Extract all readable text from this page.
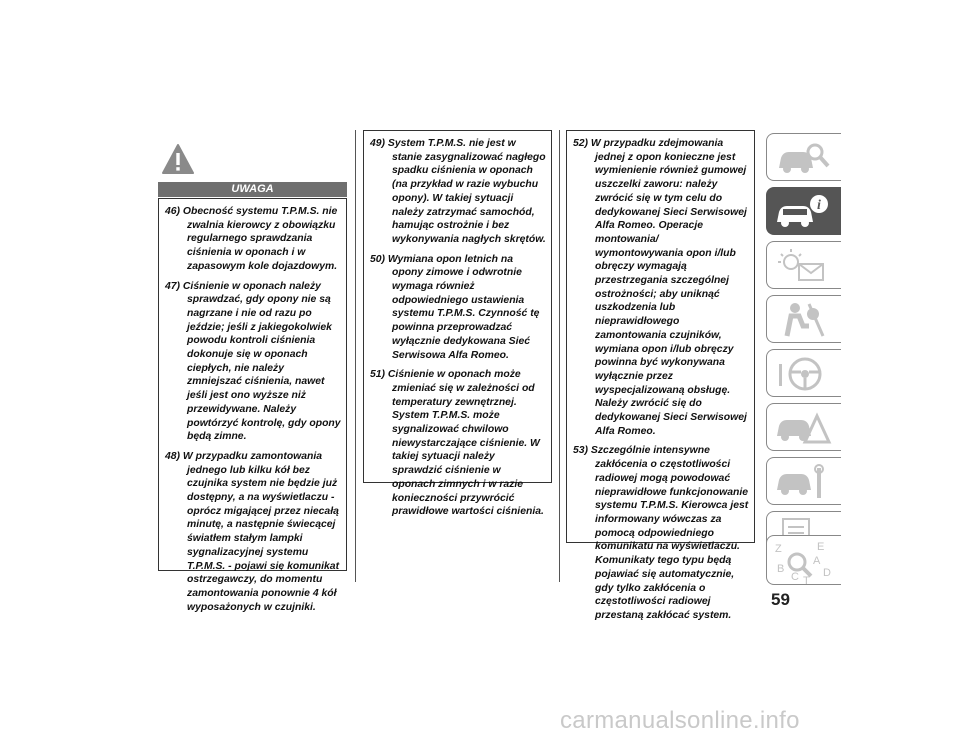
UWAGA

46) Obecność systemu T.P.M.S. nie zwalnia kierowcy z obowiązku regularnego sprawdzania ciśnienia w oponach i w zapasowym kole dojazdowym.

47) Ciśnienie w oponach należy sprawdzać, gdy opony nie są nagrzane i nie od razu po jeździe; jeśli z jakiegokolwiek powodu kontroli ciśnienia dokonuje się w oponach ciepłych, nie należy zmniejszać ciśnienia, nawet jeśli jest ono wyższe niż przewidywane. Należy powtórzyć kontrolę, gdy opony będą zimne.

48) W przypadku zamontowania jednego lub kilku kół bez czujnika system nie będzie już dostępny, a na wyświetlaczu - oprócz migającej przez niecałą minutę, a następnie świecącej światłem stałym lampki sygnalizacyjnej systemu T.P.M.S. - pojawi się komunikat ostrzegawczy, do momentu zamontowania ponownie 4 kół wyposażonych w czujniki.

49) System T.P.M.S. nie jest w stanie zasygnalizować nagłego spadku ciśnienia w oponach (na przykład w razie wybuchu opony). W takiej sytuacji należy zatrzymać samochód, hamując ostrożnie i bez wykonywania nagłych skrętów.

50) Wymiana opon letnich na opony zimowe i odwrotnie wymaga również odpowiedniego ustawienia systemu T.P.M.S. Czynność tę powinna przeprowadzać wyłącznie dedykowana Sieć Serwisowa Alfa Romeo.

51) Ciśnienie w oponach może zmieniać się w zależności od temperatury zewnętrznej. System T.P.M.S. może sygnalizować chwilowo niewystarczające ciśnienie. W takiej sytuacji należy sprawdzić ciśnienie w oponach zimnych i w razie konieczności przywrócić prawidłowe wartości ciśnienia.

52) W przypadku zdejmowania jednej z opon konieczne jest wymienienie również gumowej uszczelki zaworu: należy zwrócić się w tym celu do dedykowanej Sieci Serwisowej Alfa Romeo. Operacje montowania/ wymontowywania opon i/lub obręczy wymagają przestrzegania szczególnej ostrożności; aby uniknąć uszkodzenia lub nieprawidłowego zamontowania czujników, wymiana opon i/lub obręczy powinna być wykonywana wyłącznie przez wyspecjalizowaną obsługę. Należy zwrócić się do dedykowanej Sieci Serwisowej Alfa Romeo.

53) Szczególnie intensywne zakłócenia o częstotliwości radiowej mogą powodować nieprawidłowe funkcjonowanie systemu T.P.M.S. Kierowca jest informowany wówczas za pomocą odpowiedniego komunikatu na wyświetlaczu. Komunikaty tego typu będą pojawiać się automatycznie, gdy tylko zakłócenia o częstotliwości radiowej przestaną zakłócać system.

i
Z	E
A
B
C T
D
59
carmanualsonline.info
